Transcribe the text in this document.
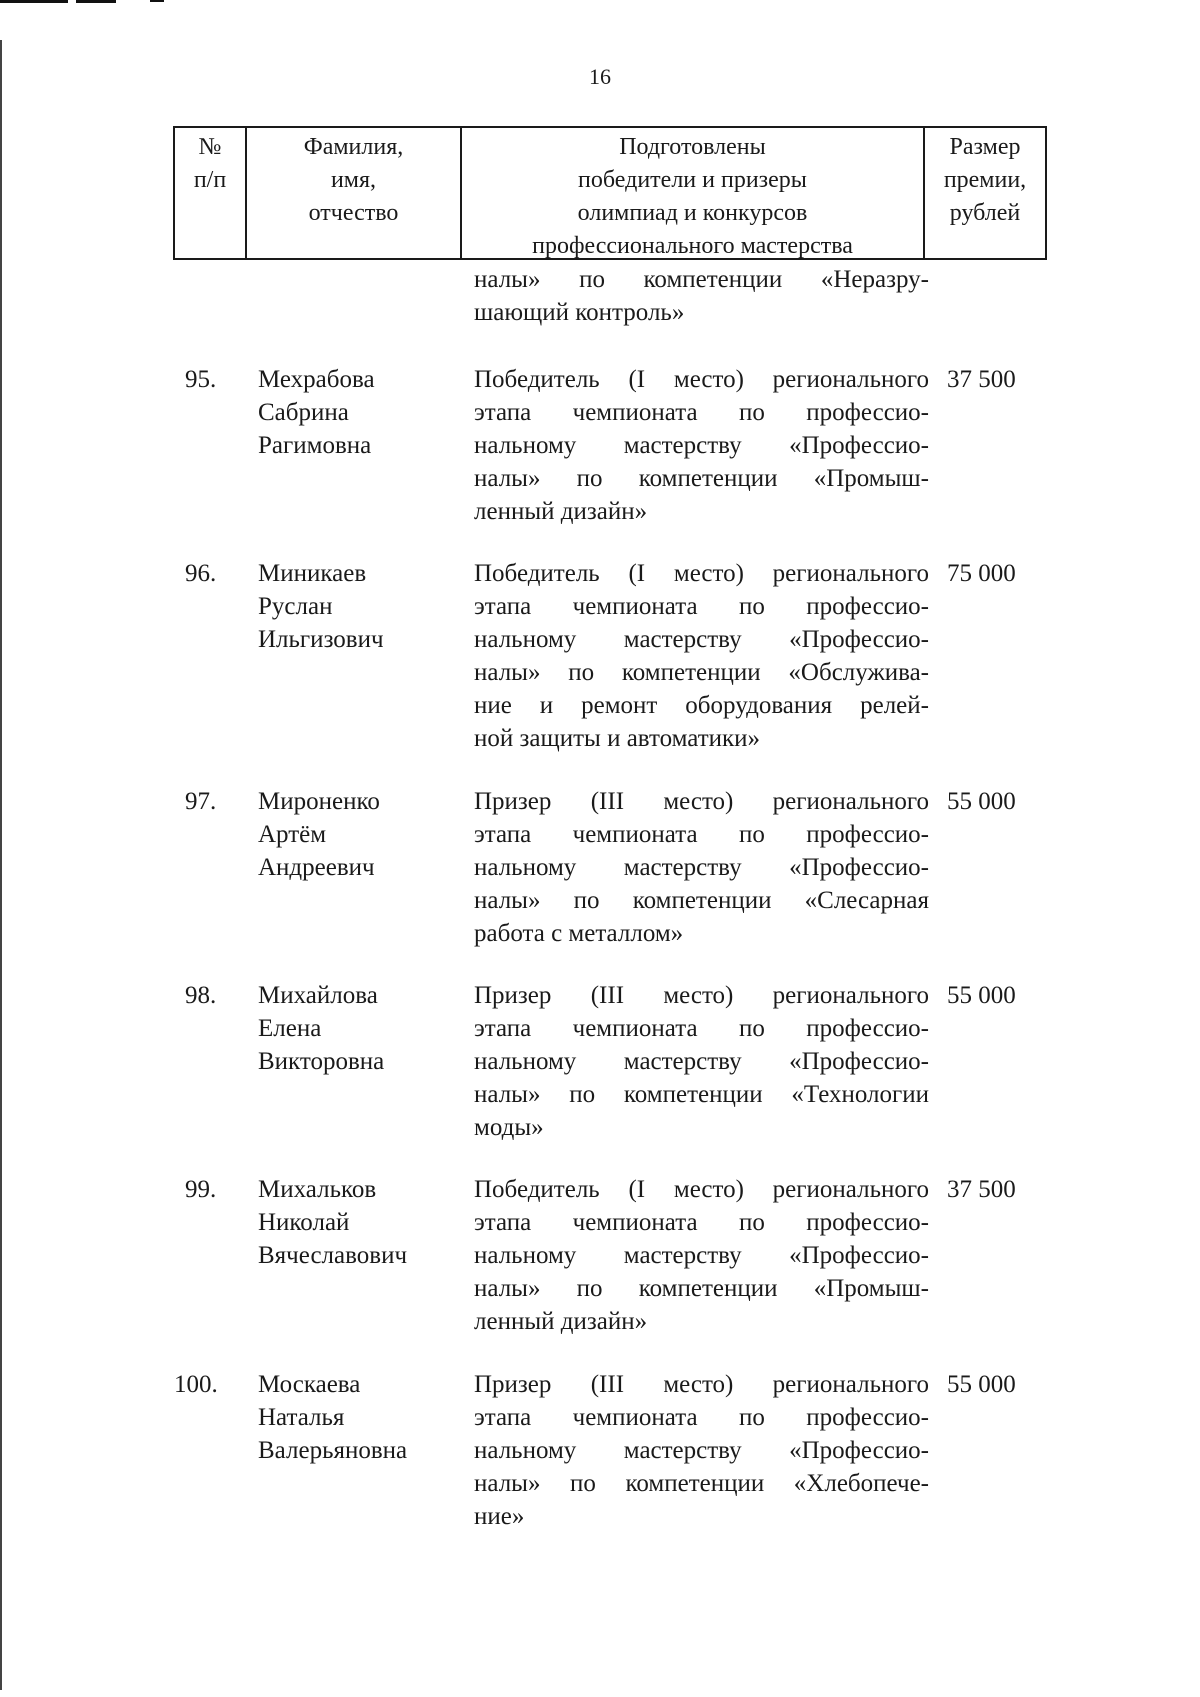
16
№
п/п
Фамилия,
имя,
отчество
Подготовлены
победители и призеры
олимпиад и конкурсов
профессионального мастерства
Размер
премии,
рублей
налы» по компетенции «Неразру-
шающий контроль»
95. Мехрабова
Сабрина
Рагимовна
Победитель (I место) регионального
этапа чемпионата по профессио-
нальному мастерству «Профессио-
налы» по компетенции «Промыш-
ленный дизайн»
37 500
96. Миникаев
Руслан
Ильгизович
Победитель (I место) регионального
этапа чемпионата по профессио-
нальному мастерству «Профессио-
налы» по компетенции «Обслужива-
ние и ремонт оборудования релей-
ной защиты и автоматики»
75 000
97. Мироненко
Артём
Андреевич
Призер (III место) регионального
этапа чемпионата по профессио-
нальному мастерству «Профессио-
налы» по компетенции «Слесарная
работа с металлом»
55 000
98. Михайлова
Елена
Викторовна
Призер (III место) регионального
этапа чемпионата по профессио-
нальному мастерству «Профессио-
налы» по компетенции «Технологии
моды»
55 000
99. Михальков
Николай
Вячеславович
Победитель (I место) регионального
этапа чемпионата по профессио-
нальному мастерству «Профессио-
налы» по компетенции «Промыш-
ленный дизайн»
37 500
100. Москаева
Наталья
Валерьяновна
Призер (III место) регионального
этапа чемпионата по профессио-
нальному мастерству «Профессио-
налы» по компетенции «Хлебопече-
ние»
55 000
